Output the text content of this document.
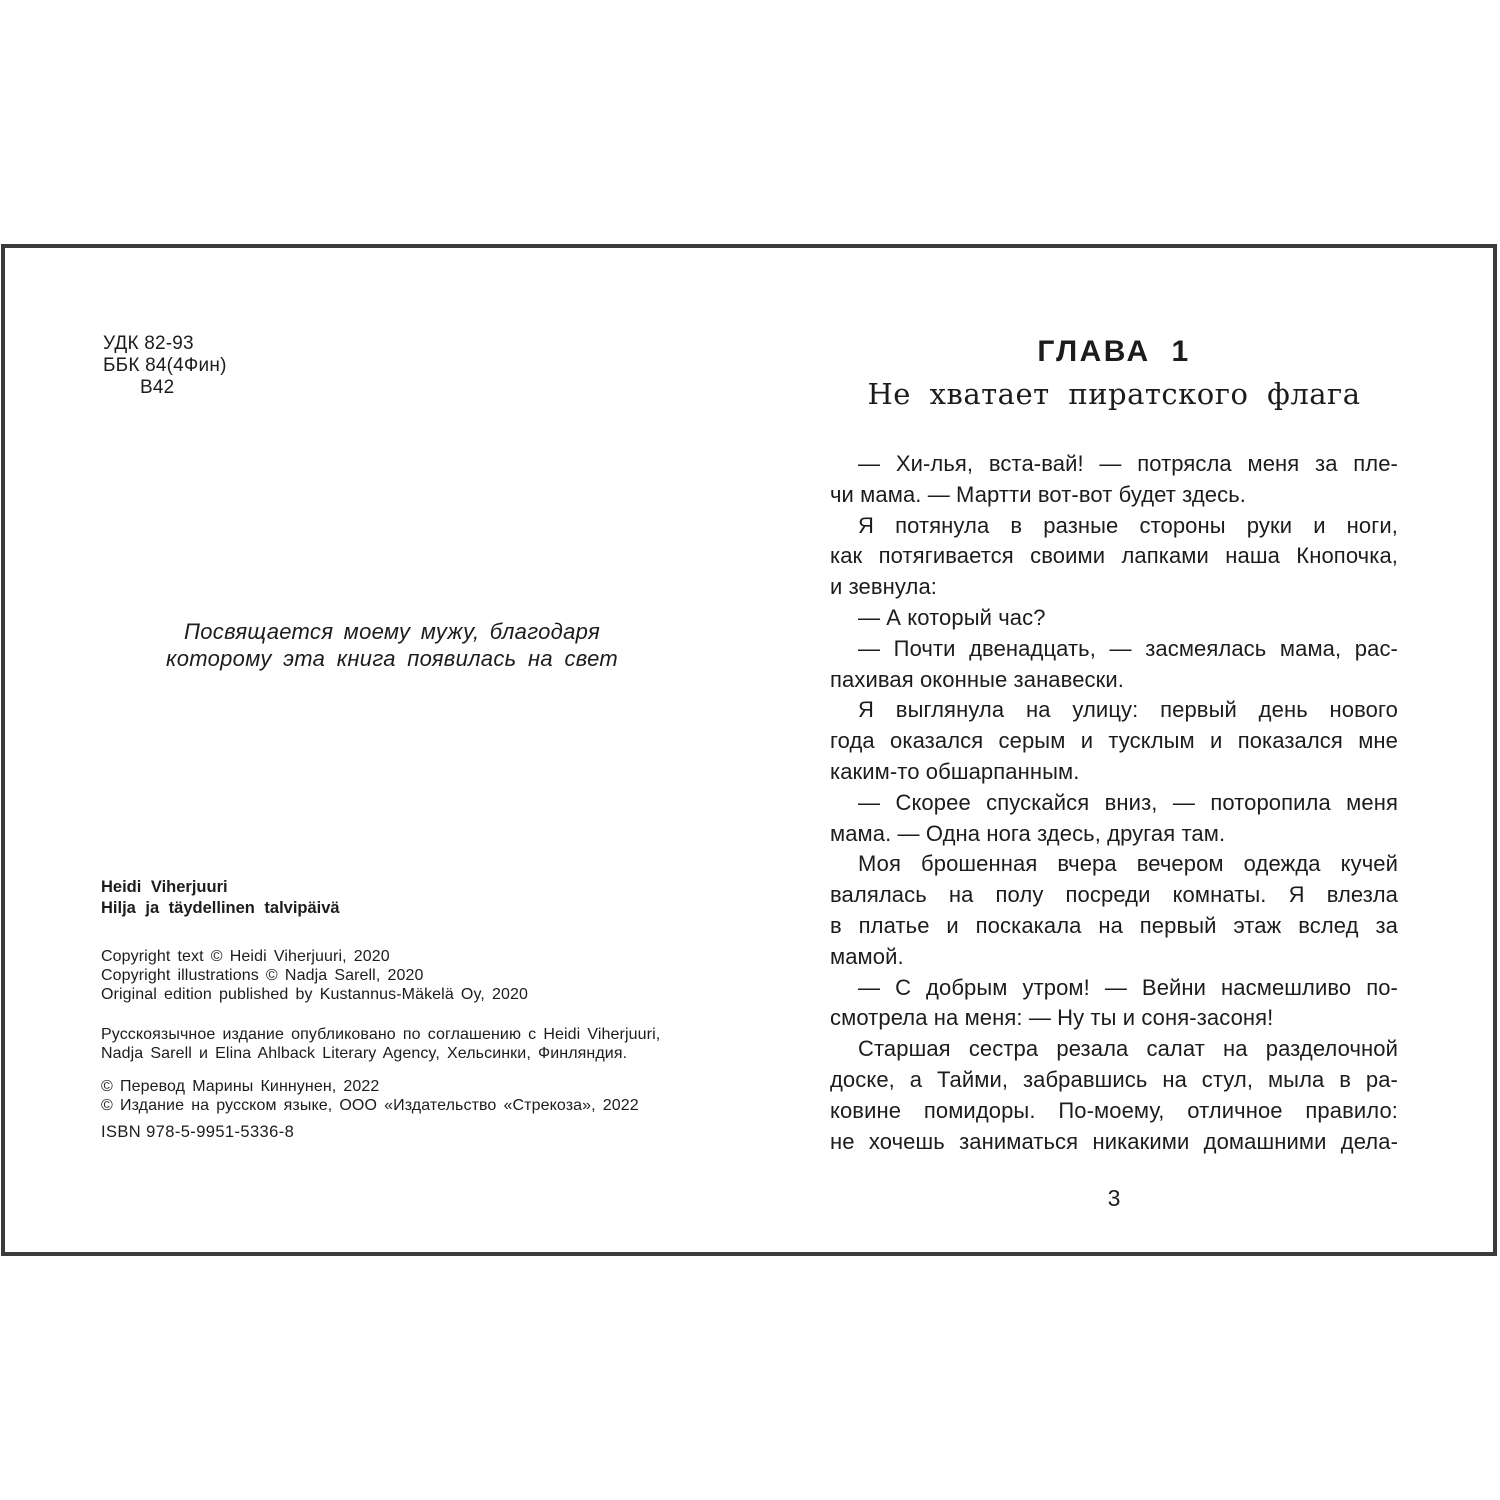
УДК 82-93
ББК 84(4Фин)
В42
Посвящается моему мужу, благодаря
которому эта книга появилась на свет
Heidi Viherjuuri
Hilja ja täydellinen talvipäivä
Copyright text © Heidi Viherjuuri, 2020
Copyright illustrations © Nadja Sarell, 2020
Original edition published by Kustannus-Mäkelä Oy, 2020
Русскоязычное издание опубликовано по соглашению с Heidi Viherjuuri,
Nadja Sarell и Elina Ahlback Literary Agency, Хельсинки, Финляндия.
© Перевод Марины Киннунен, 2022
© Издание на русском языке, ООО «Издательство «Стрекоза», 2022
ISBN 978-5-9951-5336-8
ГЛАВА 1
Не хватает пиратского флага
— Хи-лья, вста-вай! — потрясла меня за пле-
чи мама. — Мартти вот-вот будет здесь.
Я потянула в разные стороны руки и ноги,
как потягивается своими лапками наша Кнопочка,
и зевнула:
— А который час?
— Почти двенадцать, — засмеялась мама, рас-
пахивая оконные занавески.
Я выглянула на улицу: первый день нового
года оказался серым и тусклым и показался мне
каким-то обшарпанным.
— Скорее спускайся вниз, — поторопила меня
мама. — Одна нога здесь, другая там.
Моя брошенная вчера вечером одежда кучей
валялась на полу посреди комнаты. Я влезла
в платье и поскакала на первый этаж вслед за
мамой.
— С добрым утром! — Вейни насмешливо по-
смотрела на меня: — Ну ты и соня-засоня!
Старшая сестра резала салат на разделочной
доске, а Тайми, забравшись на стул, мыла в ра-
ковине помидоры. По-моему, отличное правило:
не хочешь заниматься никакими домашними дела-
3
